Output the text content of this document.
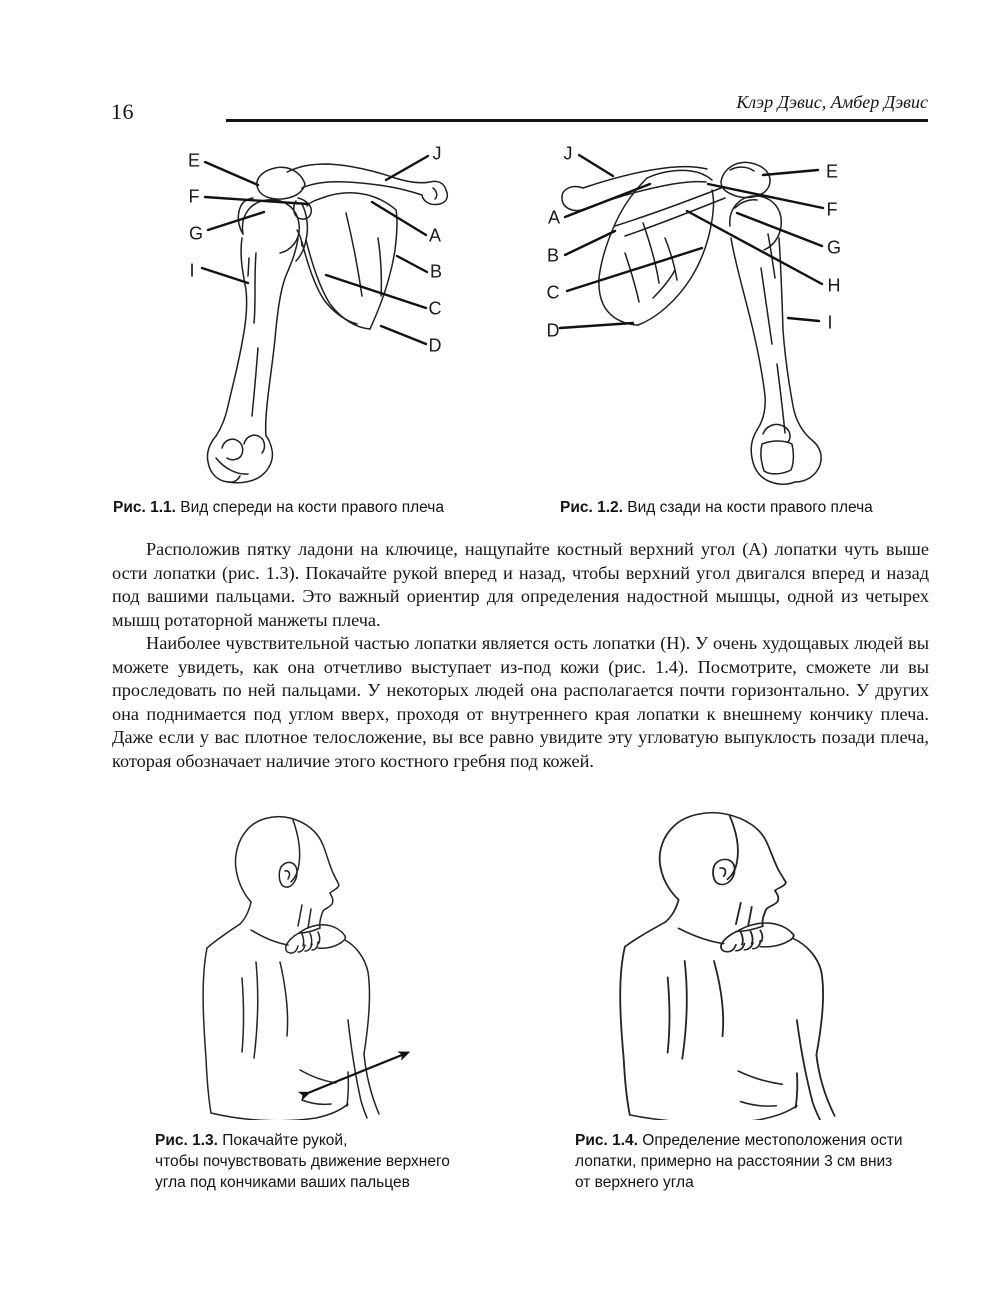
16	Клэр Дэвис, Амбер Дэвис
E
F
G
I
J
A
B
C
D
J
A
B
C
D
E
F
G
H
I
Рис. 1.1. Вид спереди на кости правого плеча	Рис. 1.2. Вид сзади на кости правого плеча

Расположив пятку ладони на ключице, нащупайте костный верхний угол (А) лопатки чуть выше ости лопатки (рис. 1.3). Покачайте рукой вперед и назад, чтобы верхний угол двигался вперед и назад под вашими пальцами. Это важный ориентир для определения надостной мышцы, одной из четырех мышц ротаторной манжеты плеча.

Наиболее чувствительной частью лопатки является ость лопатки (Н). У очень худощавых людей вы можете увидеть, как она отчетливо выступает из-под кожи (рис. 1.4). Посмотрите, сможете ли вы проследовать по ней пальцами. У некоторых людей она располагается почти горизонтально. У других она поднимается под углом вверх, проходя от внутреннего края лопатки к внешнему кончику плеча. Даже если у вас плотное телосложение, вы все равно увидите эту угловатую выпуклость позади плеча, которая обозначает наличие этого костного гребня под кожей.

Рис. 1.3. Покачайте рукой,
чтобы почувствовать движение верхнего
угла под кончиками ваших пальцев
Рис. 1.4. Определение местоположения ости
лопатки, примерно на расстоянии 3 см вниз
от верхнего угла
